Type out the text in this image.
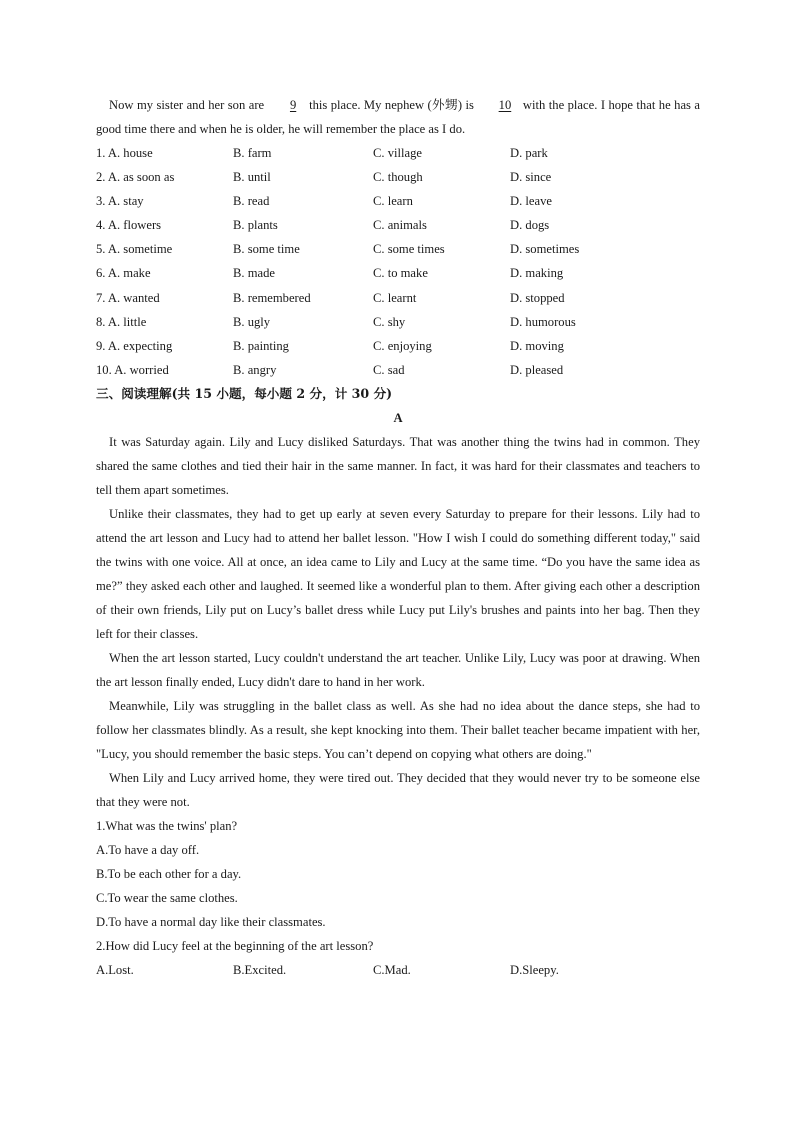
Now my sister and her son are 9 this place. My nephew (外甥) is 10 with the place. I hope that he has a good time there and when he is older, he will remember the place as I do.

1. A. house	B. farm	C. village	D. park
2. A. as soon as	B. until	C. though	D. since
3. A. stay	B. read	C. learn	D. leave
4. A. flowers	B. plants	C. animals	D. dogs
5. A. sometime	B. some time	C. some times	D. sometimes
6. A. make	B. made	C. to make	D. making
7. A. wanted	B. remembered	C. learnt	D. stopped
8. A. little	B. ugly	C. shy	D. humorous
9. A. expecting	B. painting	C. enjoying	D. moving
10. A. worried	B. angry	C. sad	D. pleased

三、阅读理解(共 15 小题，每小题 2 分，计 30 分)

A

It was Saturday again. Lily and Lucy disliked Saturdays. That was another thing the twins had in common. They shared the same clothes and tied their hair in the same manner. In fact, it was hard for their classmates and teachers to tell them apart sometimes.

Unlike their classmates, they had to get up early at seven every Saturday to prepare for their lessons. Lily had to attend the art lesson and Lucy had to attend her ballet lesson. "How I wish I could do something different today," said the twins with one voice. All at once, an idea came to Lily and Lucy at the same time. “Do you have the same idea as me?” they asked each other and laughed. It seemed like a wonderful plan to them. After giving each other a description of their own friends, Lily put on Lucy’s ballet dress while Lucy put Lily's brushes and paints into her bag. Then they left for their classes.

When the art lesson started, Lucy couldn't understand the art teacher. Unlike Lily, Lucy was poor at drawing. When the art lesson finally ended, Lucy didn't dare to hand in her work.

Meanwhile, Lily was struggling in the ballet class as well. As she had no idea about the dance steps, she had to follow her classmates blindly. As a result, she kept knocking into them. Their ballet teacher became impatient with her, "Lucy, you should remember the basic steps. You can’t depend on copying what others are doing."

When Lily and Lucy arrived home, they were tired out. They decided that they would never try to be someone else that they were not.

1.What was the twins' plan?

A.To have a day off.

B.To be each other for a day.

C.To wear the same clothes.

D.To have a normal day like their classmates.

2.How did Lucy feel at the beginning of the art lesson?

A.Lost.	B.Excited.	C.Mad.	D.Sleepy.
